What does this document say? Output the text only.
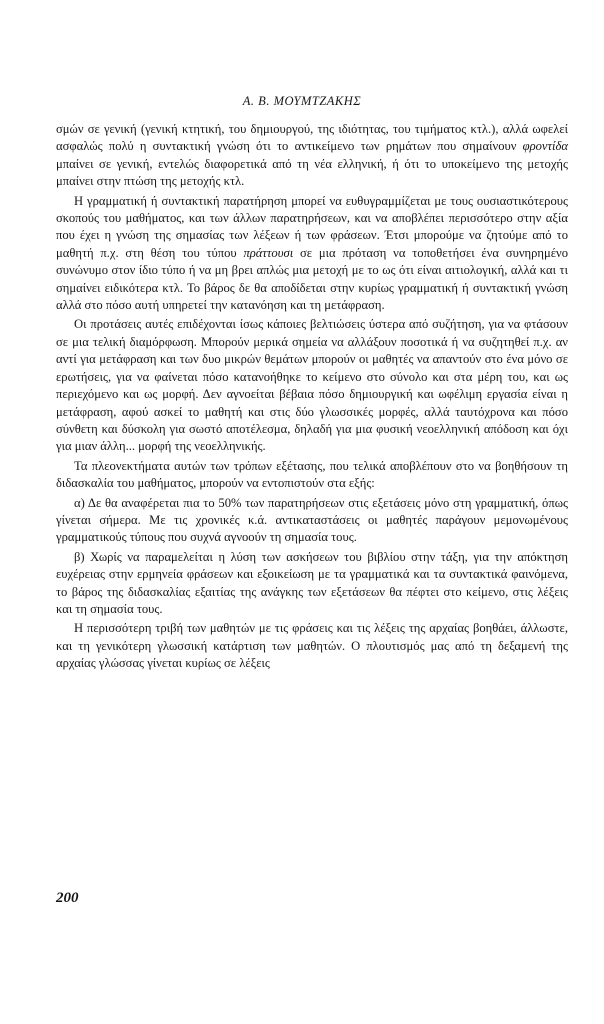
Α. Β. ΜΟΥΜΤΖΑΚΗΣ

σμών σε γενική (γενική κτητική, του δημιουργού, της ιδιότητας, του τιμήματος κτλ.), αλλά ωφελεί ασφαλώς πολύ η συντακτική γνώση ότι το αντικείμενο των ρημάτων που σημαίνουν φροντίδα μπαίνει σε γενική, εντελώς διαφορετικά από τη νέα ελληνική, ή ότι το υποκείμενο της μετοχής μπαίνει στην πτώση της μετοχής κτλ.

Η γραμματική ή συντακτική παρατήρηση μπορεί να ευθυγραμμίζεται με τους ουσιαστικότερους σκοπούς του μαθήματος, και των άλλων παρατηρήσεων, και να αποβλέπει περισσότερο στην αξία που έχει η γνώση της σημασίας των λέξεων ή των φράσεων. Έτσι μπορούμε να ζητούμε από το μαθητή π.χ. στη θέση του τύπου πράττουσι σε μια πρόταση να τοποθετήσει ένα συνηρημένο συνώνυμο στον ίδιο τύπο ή να μη βρει απλώς μια μετοχή με το ως ότι είναι αιτιολογική, αλλά και τι σημαίνει ειδικότερα κτλ. Το βάρος δε θα αποδίδεται στην κυρίως γραμματική ή συντακτική γνώση αλλά στο πόσο αυτή υπηρετεί την κατανόηση και τη μετάφραση.

Οι προτάσεις αυτές επιδέχονται ίσως κάποιες βελτιώσεις ύστερα από συζήτηση, για να φτάσουν σε μια τελική διαμόρφωση. Μπορούν μερικά σημεία να αλλάξουν ποσοτικά ή να συζητηθεί π.χ. αν αντί για μετάφραση και των δυο μικρών θεμάτων μπορούν οι μαθητές να απαντούν στο ένα μόνο σε ερωτήσεις, για να φαίνεται πόσο κατανοήθηκε το κείμενο στο σύνολο και στα μέρη του, και ως περιεχόμενο και ως μορφή. Δεν αγνοείται βέβαια πόσο δημιουργική και ωφέλιμη εργασία είναι η μετάφραση, αφού ασκεί το μαθητή και στις δύο γλωσσικές μορφές, αλλά ταυτόχρονα και πόσο σύνθετη και δύσκολη για σωστό αποτέλεσμα, δηλαδή για μια φυσική νεοελληνική απόδοση και όχι για μιαν άλλη... μορφή της νεοελληνικής.

Τα πλεονεκτήματα αυτών των τρόπων εξέτασης, που τελικά αποβλέπουν στο να βοηθήσουν τη διδασκαλία του μαθήματος, μπορούν να εντοπιστούν στα εξής:

α) Δε θα αναφέρεται πια το 50% των παρατηρήσεων στις εξετάσεις μόνο στη γραμματική, όπως γίνεται σήμερα. Με τις χρονικές κ.ά. αντικαταστάσεις οι μαθητές παράγουν μεμονωμένους γραμματικούς τύπους που συχνά αγνοούν τη σημασία τους.

β) Χωρίς να παραμελείται η λύση των ασκήσεων του βιβλίου στην τάξη, για την απόκτηση ευχέρειας στην ερμηνεία φράσεων και εξοικείωση με τα γραμματικά και τα συντακτικά φαινόμενα, το βάρος της διδασκαλίας εξαιτίας της ανάγκης των εξετάσεων θα πέφτει στο κείμενο, στις λέξεις και τη σημασία τους.

Η περισσότερη τριβή των μαθητών με τις φράσεις και τις λέξεις της αρχαίας βοηθάει, άλλωστε, και τη γενικότερη γλωσσική κατάρτιση των μαθητών. Ο πλουτισμός μας από τη δεξαμενή της αρχαίας γλώσσας γίνεται κυρίως σε λέξεις

200
